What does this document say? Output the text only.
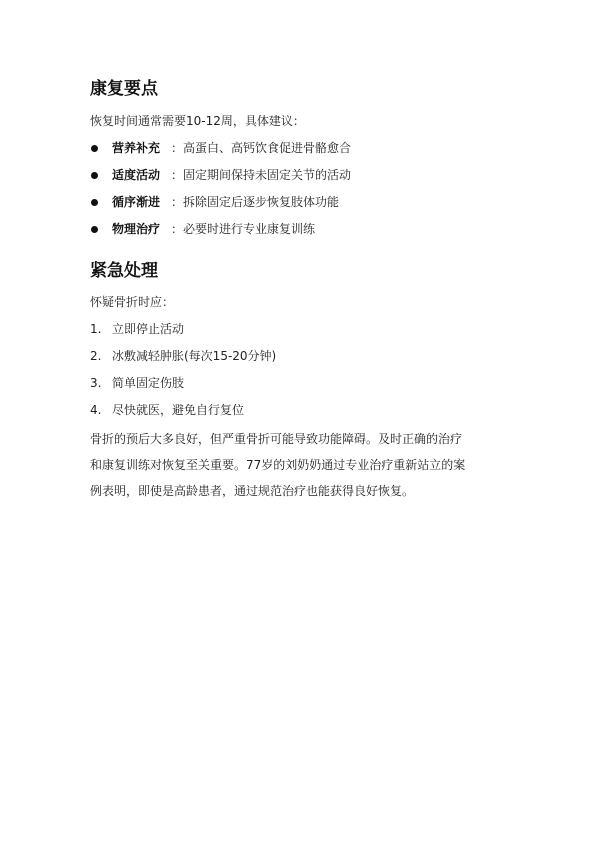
康复要点
恢复时间通常需要10-12周，具体建议：
营养补充 ：高蛋白、高钙饮食促进骨骼愈合
适度活动 ：固定期间保持未固定关节的活动
循序渐进 ：拆除固定后逐步恢复肢体功能
物理治疗 ：必要时进行专业康复训练
紧急处理
怀疑骨折时应：
1. 立即停止活动
2. 冰敷减轻肿胀(每次15-20分钟)
3. 简单固定伤肢
4. 尽快就医，避免自行复位
骨折的预后大多良好，但严重骨折可能导致功能障碍。及时正确的治疗
和康复训练对恢复至关重要。77岁的刘奶奶通过专业治疗重新站立的案
例表明，即使是高龄患者，通过规范治疗也能获得良好恢复。
